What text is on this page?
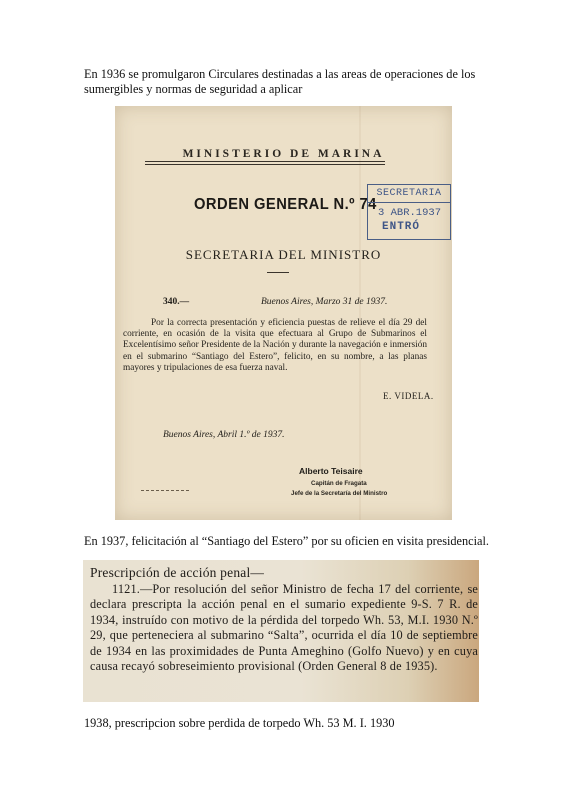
En 1936 se promulgaron Circulares destinadas a las areas de operaciones de los sumergibles y normas de seguridad a aplicar
MINISTERIO DE MARINA
ORDEN GENERAL N.º 74
SECRETARIA
3 ABR.1937
ENTRÓ
SECRETARIA DEL MINISTRO
340.—	Buenos Aires, Marzo 31 de 1937.
Por la correcta presentación y eficiencia puestas de relieve el día 29 del corriente, en ocasión de la visita que efectuara al Grupo de Submarinos el Excelentísimo señor Presidente de la Nación y durante la navegación e inmersión en el submarino “Santiago del Estero”, felicito, en su nombre, a las planas mayores y tripulaciones de esa fuerza naval.
E. VIDELA.
Buenos Aires, Abril 1.º de 1937.
Alberto Teisaire
Capitán de Fragata
Jefe de la Secretaría del Ministro
En 1937, felicitación al “Santiago del Estero” por su oficien en visita presidencial.
Prescripción de acción penal—
1121.—Por resolución del señor Ministro de fecha 17 del corriente, se declara prescripta la acción penal en el sumario expediente 9-S. 7 R. de 1934, instruído con motivo de la pérdida del torpedo Wh. 53, M.I. 1930 N.º 29, que perteneciera al submarino “Salta”, ocurrida el día 10 de septiembre de 1934 en las proximidades de Punta Ameghino (Golfo Nuevo) y en cuya causa recayó sobreseimiento provisional (Orden General 8 de 1935).
1938, prescripcion sobre perdida de torpedo Wh. 53 M. I. 1930
